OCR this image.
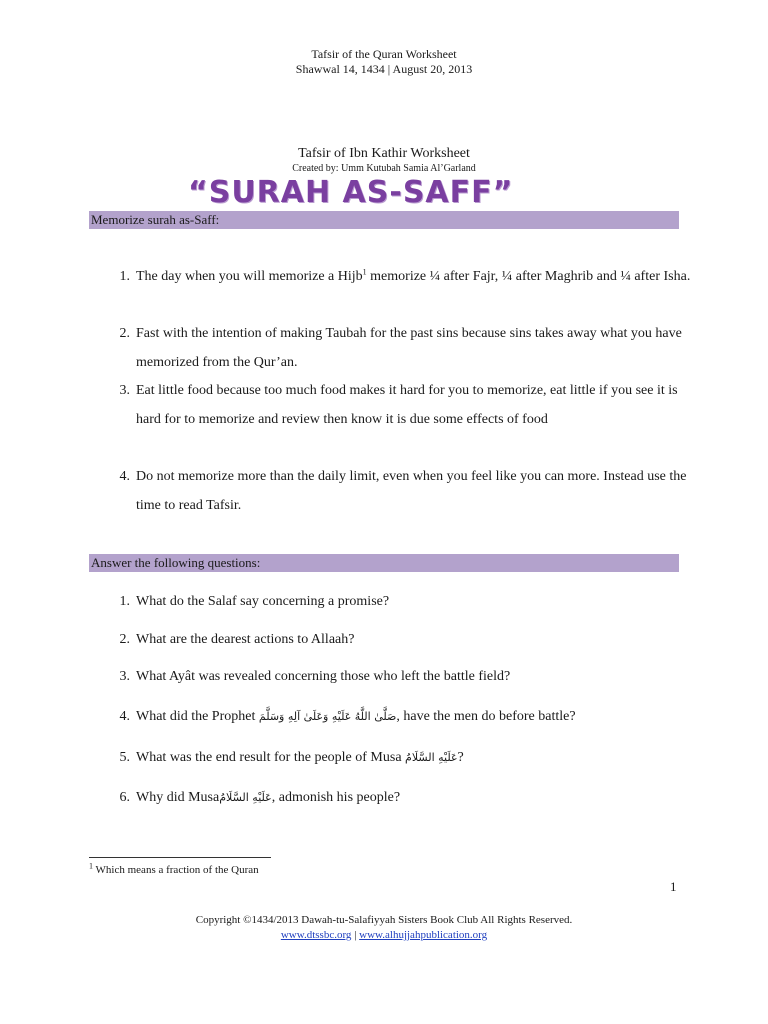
Tafsir of the Quran Worksheet
Shawwal 14, 1434 | August 20, 2013
Tafsir of Ibn Kathir Worksheet
Created by: Umm Kutubah Samia Al’Garland
“SURAH AS-SAFF”
Memorize surah as-Saff:
1. The day when you will memorize a Hijb$^1$ memorize ¼ after Fajr, ¼ after Maghrib and ¼ after Isha.
2. Fast with the intention of making Taubah for the past sins because sins takes away what you have memorized from the Qur’an.
3. Eat little food because too much food makes it hard for you to memorize, eat little if you see it is hard for to memorize and review then know it is due some effects of food
4. Do not memorize more than the daily limit, even when you feel like you can more. Instead use the time to read Tafsir.
Answer the following questions:
1. What do the Salaf say concerning a promise?
2. What are the dearest actions to Allaah?
3. What Ayât was revealed concerning those who left the battle field?
4. What did the Prophet صَلَّىٰ اللَّهُ عَلَيْهِ وَعَلَىٰ آلِهِ وَسَلَّمَ, have the men do before battle?
5. What was the end result for the people of Musa عَلَيْهِ السَّلَامُ?
6. Why did Musaعَلَيْهِ السَّلَامُ, admonish his people?
$^1$ Which means a fraction of the Quran
1
Copyright ©1434/2013 Dawah-tu-Salafiyyah Sisters Book Club All Rights Reserved.
www.dtssbc.org | www.alhujjahpublication.org
